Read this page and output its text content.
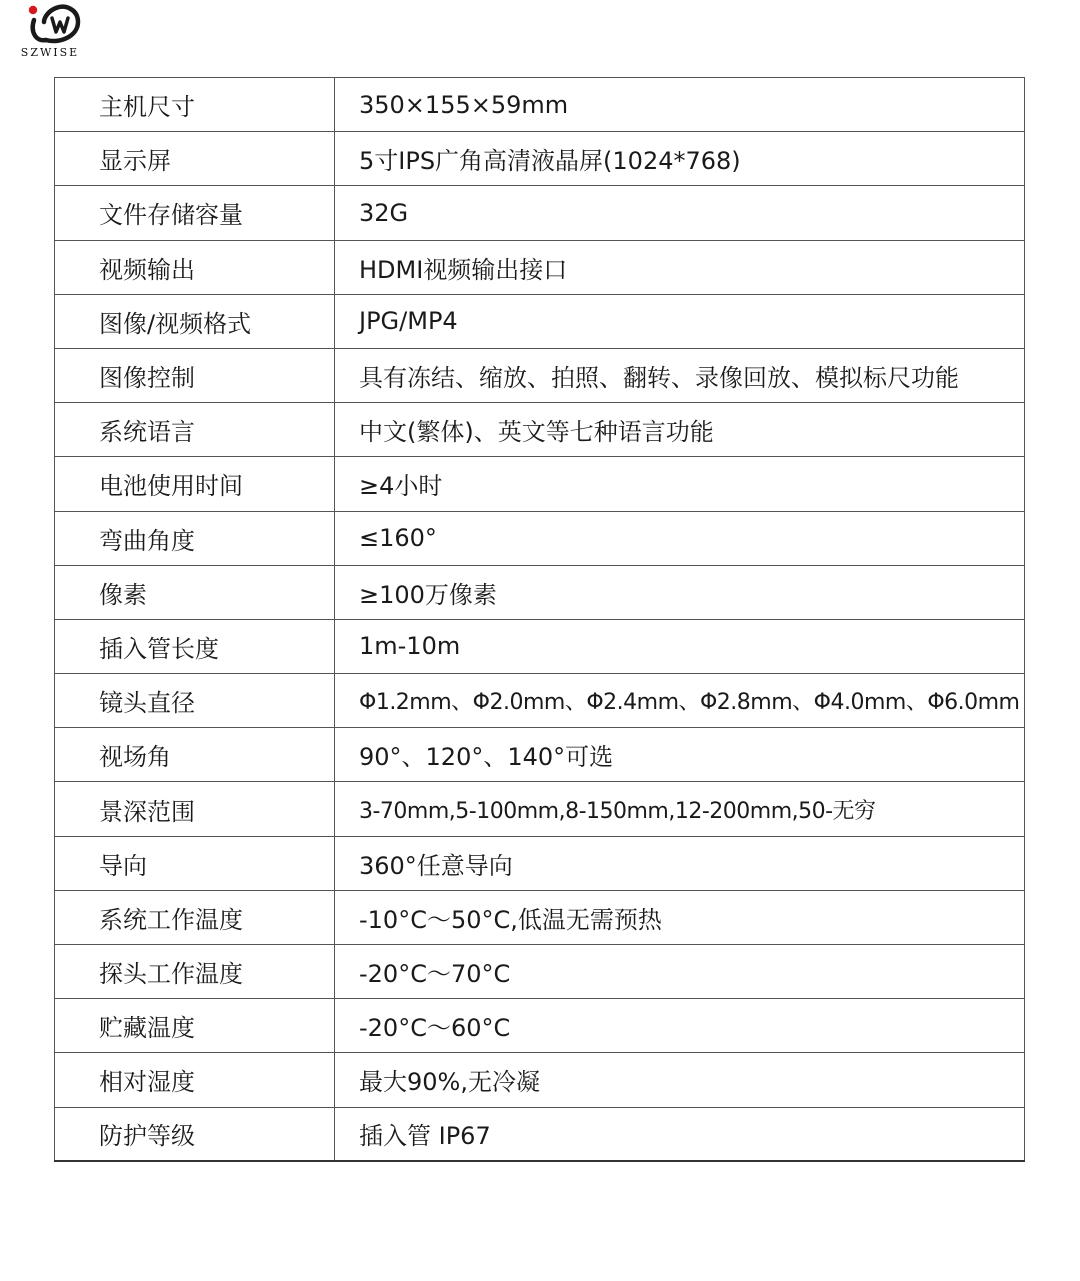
SZWISE
主机尺寸	350×155×59mm
显示屏	5寸IPS广角高清液晶屏(1024*768)
文件存储容量	32G
视频输出	HDMI视频输出接口
图像/视频格式	JPG/MP4
图像控制	具有冻结、缩放、拍照、翻转、录像回放、模拟标尺功能
系统语言	中文(繁体)、英文等七种语言功能
电池使用时间	≥4小时
弯曲角度	≤160°
像素	≥100万像素
插入管长度	1m-10m
镜头直径	Φ1.2mm、Φ2.0mm、Φ2.4mm、Φ2.8mm、Φ4.0mm、Φ6.0mm
视场角	90°、120°、140°可选
景深范围	3-70mm,5-100mm,8-150mm,12-200mm,50-无穷
导向	360°任意导向
系统工作温度	-10°C～50°C,低温无需预热
探头工作温度	-20°C～70°C
贮藏温度	-20°C～60°C
相对湿度	最大90%,无冷凝
防护等级	插入管 IP67
